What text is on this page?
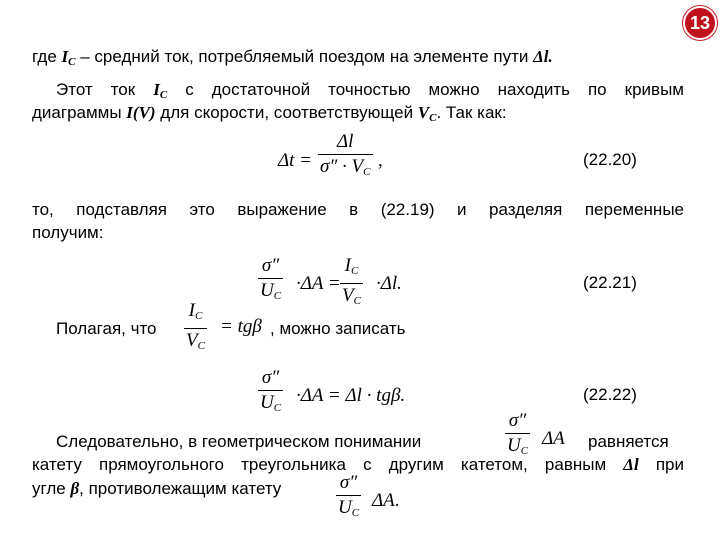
13
где $I_С$ – средний ток, потребляемый поездом на элементе пути Δl.
Этот ток $I_С$ с достаточной точностью можно находить по кривым
диаграммы I(V) для скорости, соответствующей $V_С$. Так как:
Δt =
Δl
$\sigma'' \cdot V_C$
,	(22.20)
то, подставляя это выражение в (22.19) и разделяя переменные
получим:
σ″
$U_C$
·ΔA =
$I_C$
$V_C$
·Δl.	(22.21)
Полагая, что
$I_C$
$V_C$
= tgβ , можно записать
σ″
$U_C$
·ΔA = Δl · tgβ.	(22.22)
Следовательно, в геометрическом понимании
σ″
$U_C$
ΔA равняется
катету прямоугольного треугольника с другим катетом, равным Δl при
угле β, противолежащим катету	σ″
$U_C$
ΔA.
